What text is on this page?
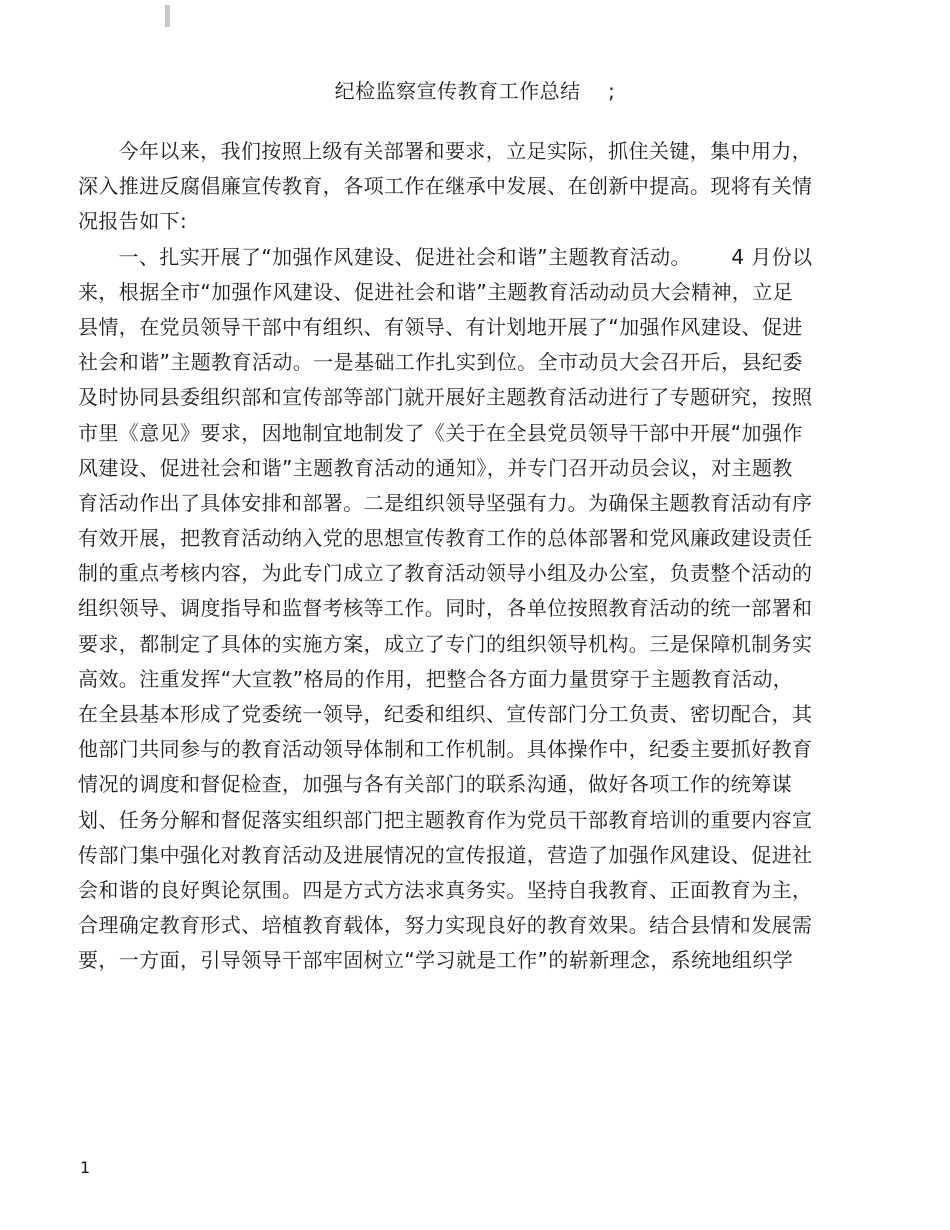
纪检监察宣传教育工作总结    ;
今年以来，我们按照上级有关部署和要求，立足实际，抓住关键，集中用力，
深入推进反腐倡廉宣传教育，各项工作在继承中发展、在创新中提高。现将有关情
况报告如下:
一、扎实开展了“加强作风建设、促进社会和谐”主题教育活动。      4 月份以
来，根据全市“加强作风建设、促进社会和谐”主题教育活动动员大会精神，立足
县情，在党员领导干部中有组织、有领导、有计划地开展了“加强作风建设、促进
社会和谐”主题教育活动。一是基础工作扎实到位。全市动员大会召开后，县纪委
及时协同县委组织部和宣传部等部门就开展好主题教育活动进行了专题研究，按照
市里《意见》要求，因地制宜地制发了《关于在全县党员领导干部中开展“加强作
风建设、促进社会和谐”主题教育活动的通知》，并专门召开动员会议，对主题教
育活动作出了具体安排和部署。二是组织领导坚强有力。为确保主题教育活动有序
有效开展，把教育活动纳入党的思想宣传教育工作的总体部署和党风廉政建设责任
制的重点考核内容，为此专门成立了教育活动领导小组及办公室，负责整个活动的
组织领导、调度指导和监督考核等工作。同时，各单位按照教育活动的统一部署和
要求，都制定了具体的实施方案，成立了专门的组织领导机构。三是保障机制务实
高效。注重发挥“大宣教”格局的作用，把整合各方面力量贯穿于主题教育活动，
在全县基本形成了党委统一领导，纪委和组织、宣传部门分工负责、密切配合，其
他部门共同参与的教育活动领导体制和工作机制。具体操作中，纪委主要抓好教育
情况的调度和督促检查，加强与各有关部门的联系沟通，做好各项工作的统筹谋
划、任务分解和督促落实组织部门把主题教育作为党员干部教育培训的重要内容宣
传部门集中强化对教育活动及进展情况的宣传报道，营造了加强作风建设、促进社
会和谐的良好舆论氛围。四是方式方法求真务实。坚持自我教育、正面教育为主，
合理确定教育形式、培植教育载体，努力实现良好的教育效果。结合县情和发展需
要，一方面，引导领导干部牢固树立“学习就是工作”的崭新理念，系统地组织学
1
